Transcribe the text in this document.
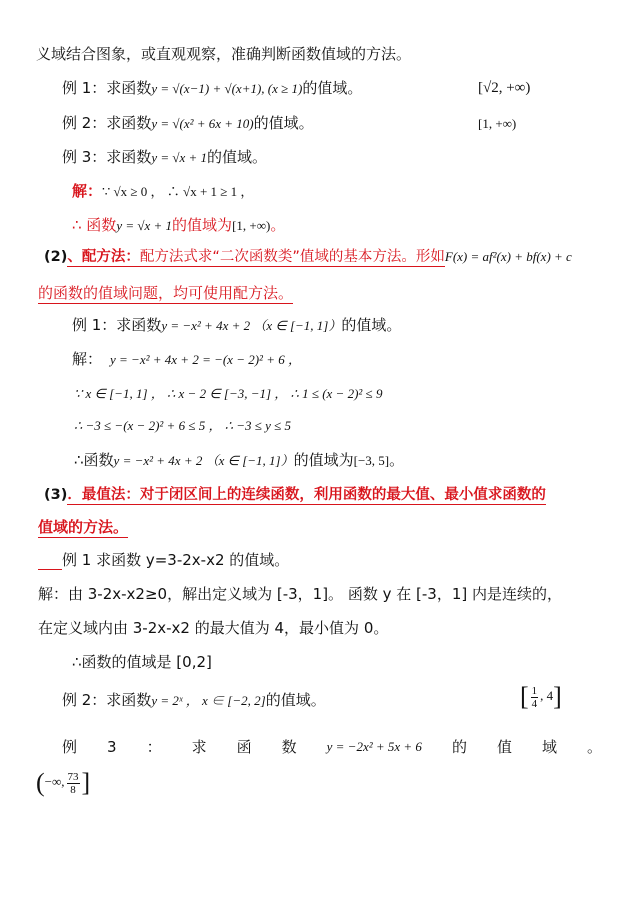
义域结合图象，或直观观察，准确判断函数值域的方法。
例 1：求函数y = √(x−1) + √(x+1), (x ≥ 1)的值域。	[√2, +∞)
例 2：求函数y = √(x² + 6x + 10)的值域。	[1, +∞)
例 3：求函数y = √x + 1的值域。
解：∵ √x ≥ 0 ， ∴ √x + 1 ≥ 1 ，
∴ 函数y = √x + 1的值域为[1, +∞)。
(2)、配方法：配方法式求“二次函数类”值域的基本方法。形如F(x) = af²(x) + bf(x) + c
的函数的值域问题，均可使用配方法。
例 1：求函数y = −x² + 4x + 2 （x ∈ [−1, 1]）的值域。
解： y = −x² + 4x + 2 = −(x − 2)² + 6 ，
∵ x ∈ [−1, 1] ， ∴ x − 2 ∈ [−3, −1] ， ∴ 1 ≤ (x − 2)² ≤ 9
∴ −3 ≤ −(x − 2)² + 6 ≤ 5 ， ∴ −3 ≤ y ≤ 5
∴函数y = −x² + 4x + 2 （x ∈ [−1, 1]）的值域为[−3, 5]。
(3)．最值法：对于闭区间上的连续函数，利用函数的最大值、最小值求函数的
值域的方法。
例 1 求函数 y=3-2x-x2 的值域。
解：由 3-2x-x2≥0，解出定义域为 [-3，1]。 函数 y 在 [-3，1] 内是连续的，
在定义域内由 3-2x-x2 的最大值为 4，最小值为 0。
∴函数的值域是 [0,2]
例 2：求函数y = 2ˣ ， x ∈ [−2, 2]的值域。	[ $\frac{1}{4}$ , 4]
例 3 ： 求 函 数 y = −2x² + 5x + 6 的 值 域 。
(−∞, $\frac{73}{8}$ ]
